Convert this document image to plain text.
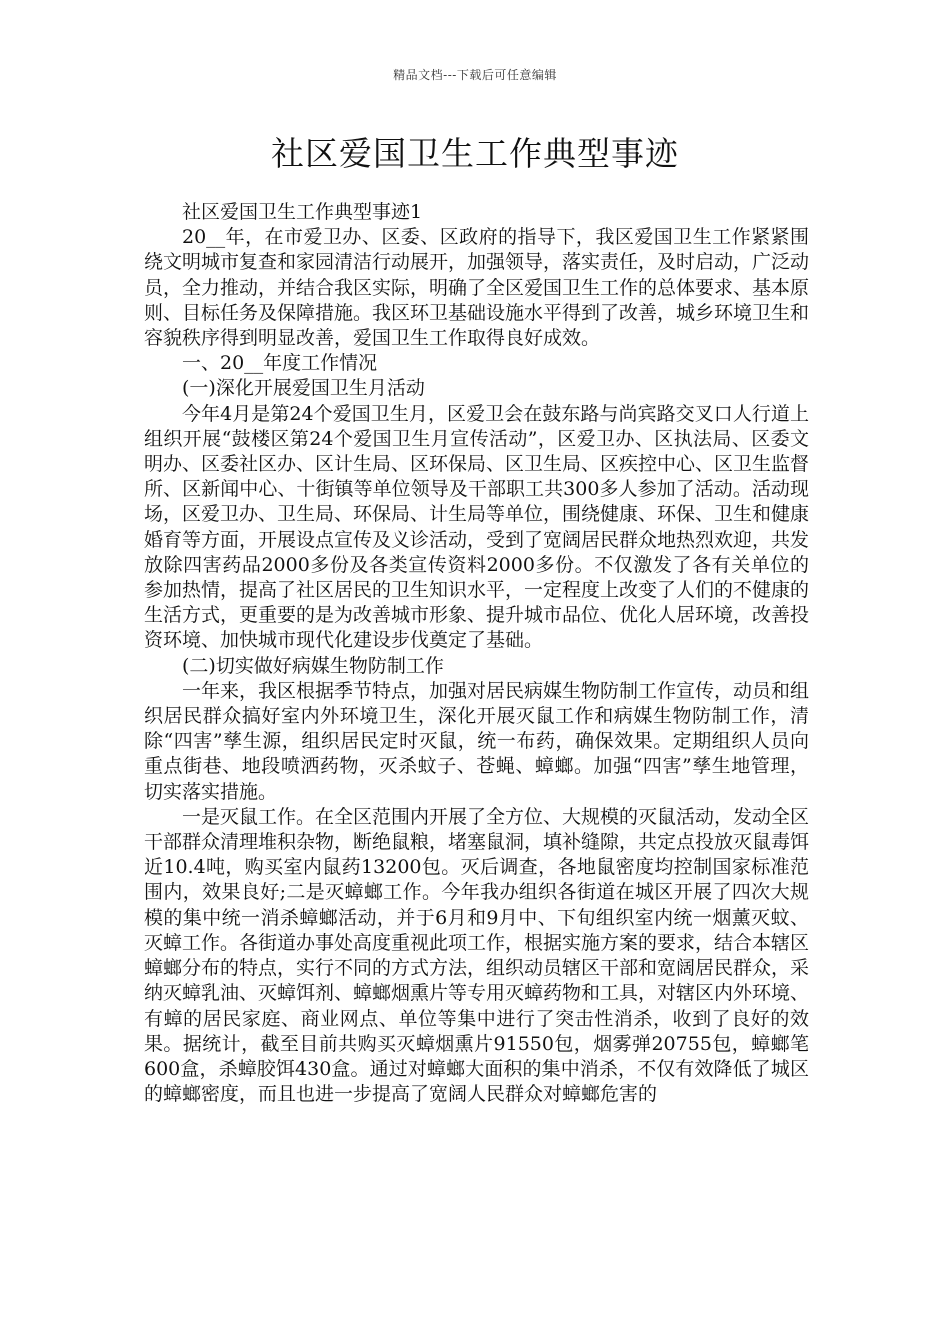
精品文档---下载后可任意编辑
社区爱国卫生工作典型事迹

社区爱国卫生工作典型事迹1

20__年，在市爱卫办、区委、区政府的指导下，我区爱国卫生工作紧紧围绕文明城市复查和家园清洁行动展开，加强领导，落实责任，及时启动，广泛动员，全力推动，并结合我区实际，明确了全区爱国卫生工作的总体要求、基本原则、目标任务及保障措施。我区环卫基础设施水平得到了改善，城乡环境卫生和容貌秩序得到明显改善，爱国卫生工作取得良好成效。

一、20__年度工作情况

(一)深化开展爱国卫生月活动

今年4月是第24个爱国卫生月，区爱卫会在鼓东路与尚宾路交叉口人行道上组织开展“鼓楼区第24个爱国卫生月宣传活动”，区爱卫办、区执法局、区委文明办、区委社区办、区计生局、区环保局、区卫生局、区疾控中心、区卫生监督所、区新闻中心、十街镇等单位领导及干部职工共300多人参加了活动。活动现场，区爱卫办、卫生局、环保局、计生局等单位，围绕健康、环保、卫生和健康婚育等方面，开展设点宣传及义诊活动，受到了宽阔居民群众地热烈欢迎，共发放除四害药品2000多份及各类宣传资料2000多份。不仅激发了各有关单位的参加热情，提高了社区居民的卫生知识水平，一定程度上改变了人们的不健康的生活方式，更重要的是为改善城市形象、提升城市品位、优化人居环境，改善投资环境、加快城市现代化建设步伐奠定了基础。

(二)切实做好病媒生物防制工作

一年来，我区根据季节特点，加强对居民病媒生物防制工作宣传，动员和组织居民群众搞好室内外环境卫生，深化开展灭鼠工作和病媒生物防制工作，清除“四害”孳生源，组织居民定时灭鼠，统一布药，确保效果。定期组织人员向重点街巷、地段喷洒药物，灭杀蚊子、苍蝇、蟑螂。加强“四害”孳生地管理，切实落实措施。

一是灭鼠工作。在全区范围内开展了全方位、大规模的灭鼠活动，发动全区干部群众清理堆积杂物，断绝鼠粮，堵塞鼠洞，填补缝隙，共定点投放灭鼠毒饵近10.4吨，购买室内鼠药13200包。灭后调查，各地鼠密度均控制国家标准范围内，效果良好;二是灭蟑螂工作。今年我办组织各街道在城区开展了四次大规模的集中统一消杀蟑螂活动，并于6月和9月中、下旬组织室内统一烟薰灭蚊、灭蟑工作。各街道办事处高度重视此项工作，根据实施方案的要求，结合本辖区蟑螂分布的特点，实行不同的方式方法，组织动员辖区干部和宽阔居民群众，采纳灭蟑乳油、灭蟑饵剂、蟑螂烟熏片等专用灭蟑药物和工具，对辖区内外环境、有蟑的居民家庭、商业网点、单位等集中进行了突击性消杀，收到了良好的效果。据统计，截至目前共购买灭蟑烟熏片91550包，烟雾弹20755包，蟑螂笔600盒，杀蟑胶饵430盒。通过对蟑螂大面积的集中消杀，不仅有效降低了城区的蟑螂密度，而且也进一步提高了宽阔人民群众对蟑螂危害的
